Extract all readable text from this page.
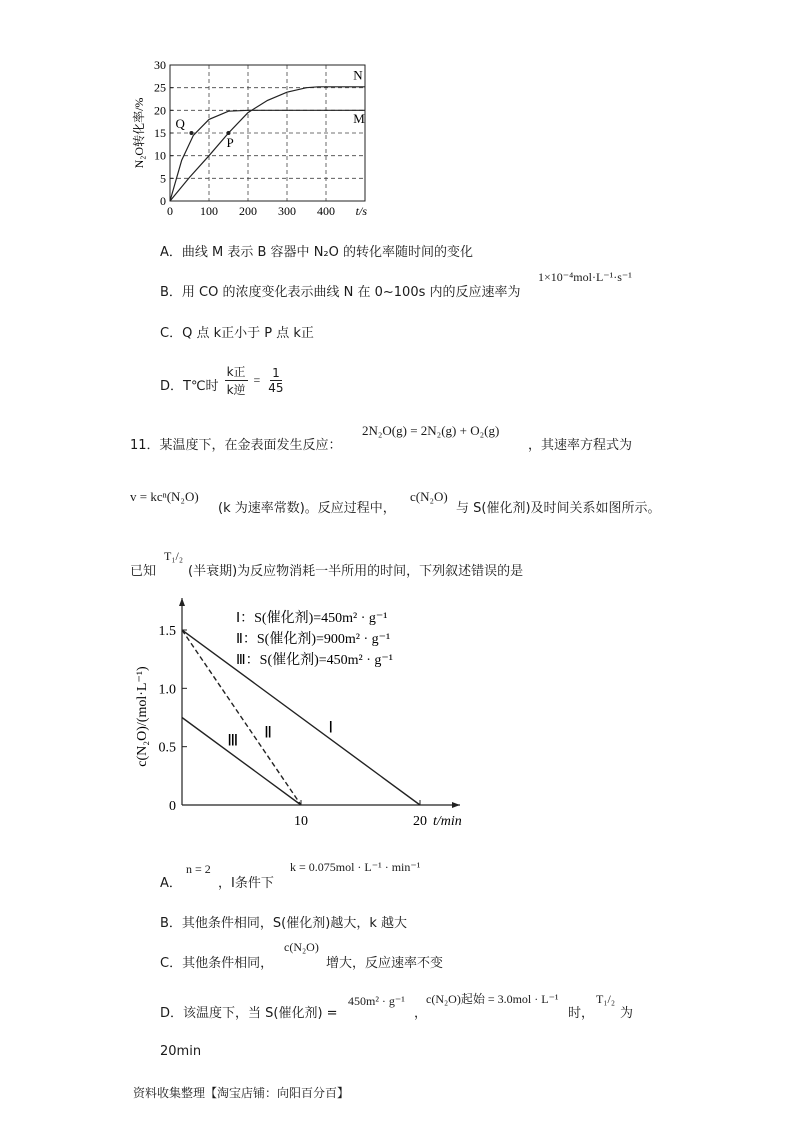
0
5
10
15
20
25
30
0 100 200 300 400 t/s
N₂O转化率/%
N
M
Q
P
A．曲线 M 表示 B 容器中 N₂O 的转化率随时间的变化
B．用 CO 的浓度变化表示曲线 N 在 0~100s 内的反应速率为
1×10⁻⁴mol·L⁻¹·s⁻¹
C．Q 点 k正小于 P 点 k正
D．T℃时 $\frac{\text{k正}}{\text{k逆}} = \frac{1}{45}$
11．某温度下，在金表面发生反应：
2N₂O(g) = 2N₂(g) + O₂(g)
，其速率方程式为
v = kcⁿ(N₂O)
(k 为速率常数)。反应过程中，
c(N₂O)
与 S(催化剂)及时间关系如图所示。
已知
T₁/₂
(半衰期)为反应物消耗一半所用的时间，下列叙述错误的是
0
0.5
1.0
1.5
10	20 t/min
c(N₂O)/(mol·L⁻¹)	Ⅰ
Ⅱ
Ⅲ
Ⅰ：S(催化剂)=450m² · g⁻¹
Ⅱ：S(催化剂)=900m² · g⁻¹
Ⅲ：S(催化剂)=450m² · g⁻¹
A．
n = 2
，Ⅰ条件下
k = 0.075mol · L⁻¹ · min⁻¹
B．其他条件相同，S(催化剂)越大，k 越大
C．其他条件相同，
c(N₂O)
增大，反应速率不变
D．该温度下，当 S(催化剂) =
450m² · g⁻¹
，
c(N₂O)起始 = 3.0mol · L⁻¹
时，
T₁/₂
为
20min
资料收集整理【淘宝店铺：向阳百分百】
